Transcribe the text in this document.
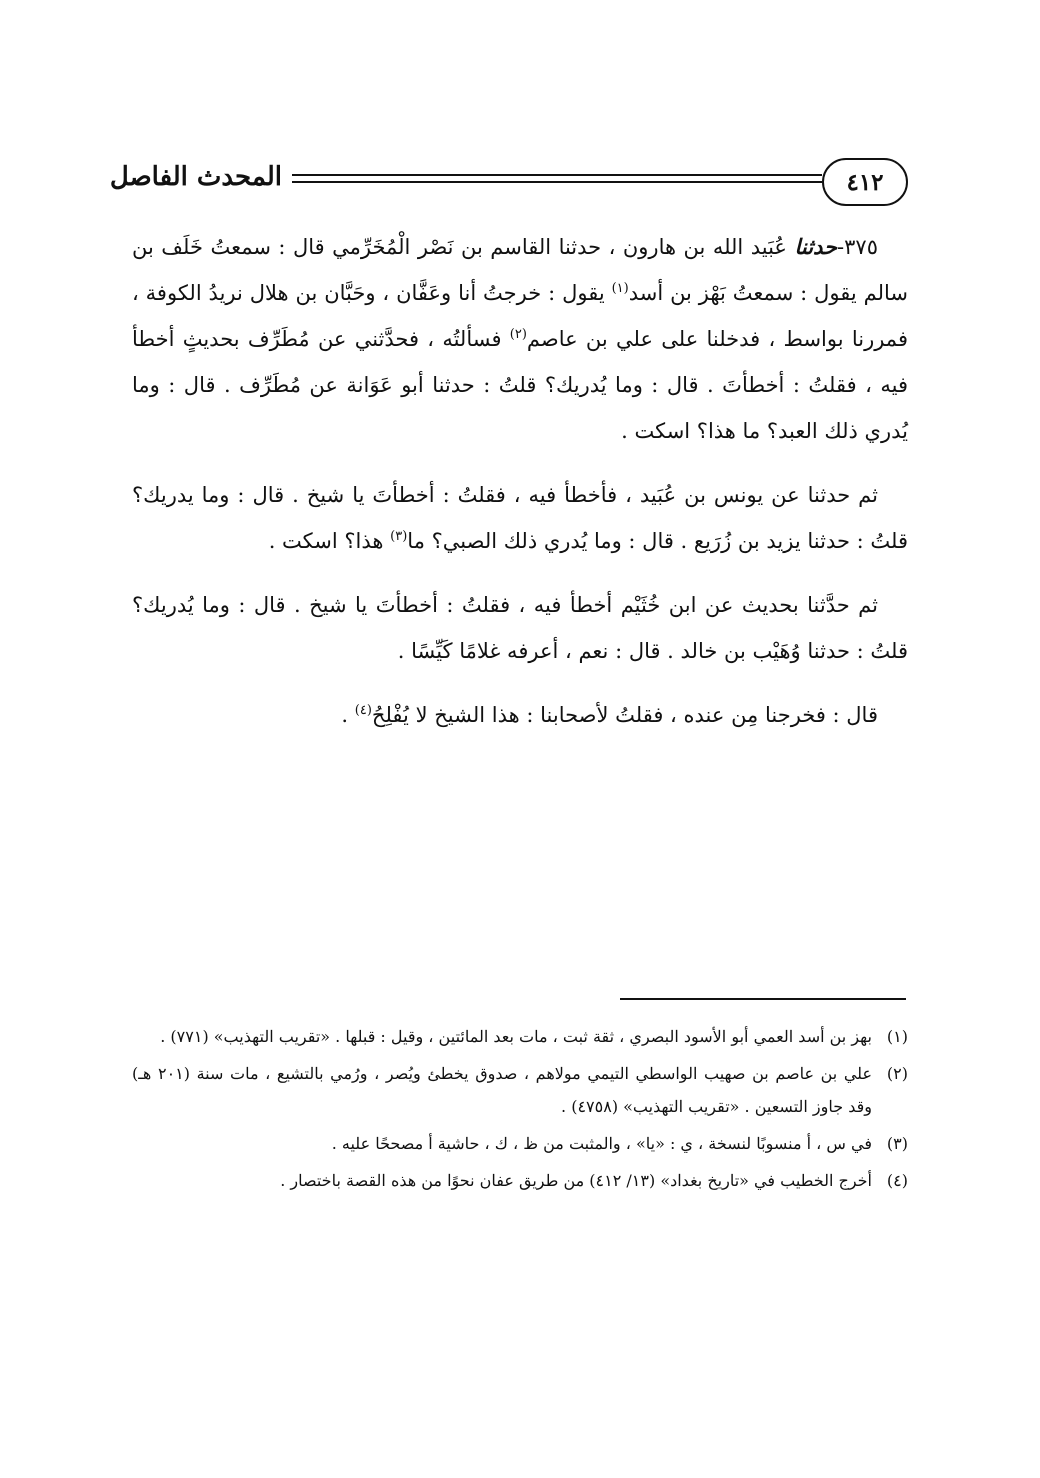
٤١٢
المحدث الفاصل

٣٧٥-حدثنا عُبَيد الله بن هارون ، حدثنا القاسم بن نَصْر الْمُخَرِّمي قال : سمعتُ خَلَف بن سالم يقول : سمعتُ بَهْز بن أسد$^{(١)}$ يقول : خرجتُ أنا وعَفَّان ، وحَبَّان بن هلال نريدُ الكوفة ، فمررنا بواسط ، فدخلنا على علي بن عاصم$^{(٢)}$ فسألتُه ، فحدَّثني عن مُطَرِّف بحديثٍ أخطأ فيه ، فقلتُ : أخطأتَ . قال : وما يُدريك؟ قلتُ : حدثنا أبو عَوَانة عن مُطَرِّف . قال : وما يُدري ذلك العبد؟ ما هذا؟ اسكت .

ثم حدثنا عن يونس بن عُبَيد ، فأخطأ فيه ، فقلتُ : أخطأتَ يا شيخ . قال : وما يدريك؟ قلتُ : حدثنا يزيد بن زُرَيع . قال : وما يُدري ذلك الصبي؟ ما$^{(٣)}$ هذا؟ اسكت .

ثم حدَّثنا بحديث عن ابن خُثَيْم أخطأ فيه ، فقلتُ : أخطأتَ يا شيخ . قال : وما يُدريك؟ قلتُ : حدثنا وُهَيْب بن خالد . قال : نعم ، أعرفه غلامًا كَيِّسًا .

قال : فخرجنا مِن عنده ، فقلتُ لأصحابنا : هذا الشيخ لا يُفْلِحُ$^{(٤)}$ .

(١)
بهز بن أسد العمي أبو الأسود البصري ، ثقة ثبت ، مات بعد المائتين ، وقيل : قبلها . «تقريب التهذيب» (٧٧١) .

(٢)
علي بن عاصم بن صهيب الواسطي التيمي مولاهم ، صدوق يخطئ ويُصر ، ورُمي بالتشيع ، مات سنة (٢٠١ هـ) وقد جاوز التسعين . «تقريب التهذيب» (٤٧٥٨) .

(٣)
في س ، أ منسوبًا لنسخة ، ي : «يا» ، والمثبت من ظ ، ك ، حاشية أ مصححًا عليه .

(٤)
أخرج الخطيب في «تاريخ بغداد» (١٣/ ٤١٢) من طريق عفان نحوًا من هذه القصة باختصار .
